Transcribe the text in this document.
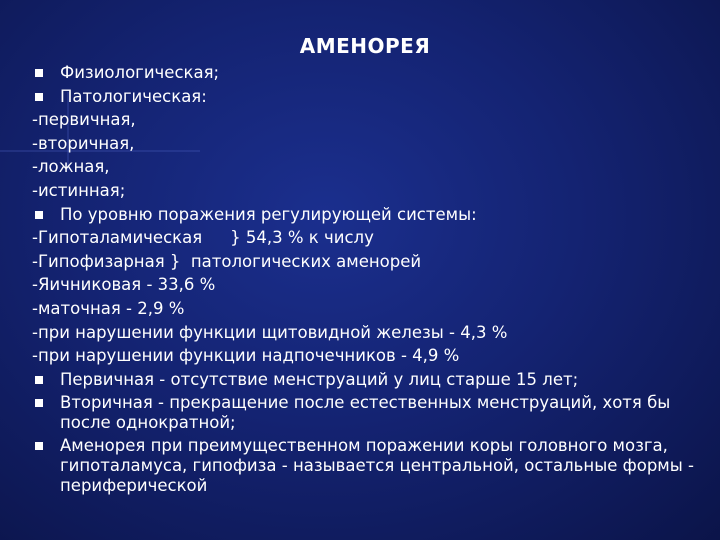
АМЕНОРЕЯ
Физиологическая;
Патологическая:
-первичная,
-вторичная,
-ложная,
-истинная;
По уровню поражения регулирующей системы:
-Гипоталамическая } 54,3 % к числу
-Гипофизарная }  патологических аменорей
-Яичниковая - 33,6 %
-маточная - 2,9 %
-при нарушении функции щитовидной железы - 4,3 %
-при нарушении функции надпочечников - 4,9 %
Первичная - отсутствие менструаций у лиц старше 15 лет;
Вторичная - прекращение после естественных менструаций, хотя бы после однократной;
Аменорея при преимущественном поражении коры головного мозга, гипоталамуса, гипофиза - называется центральной, остальные формы - периферической
